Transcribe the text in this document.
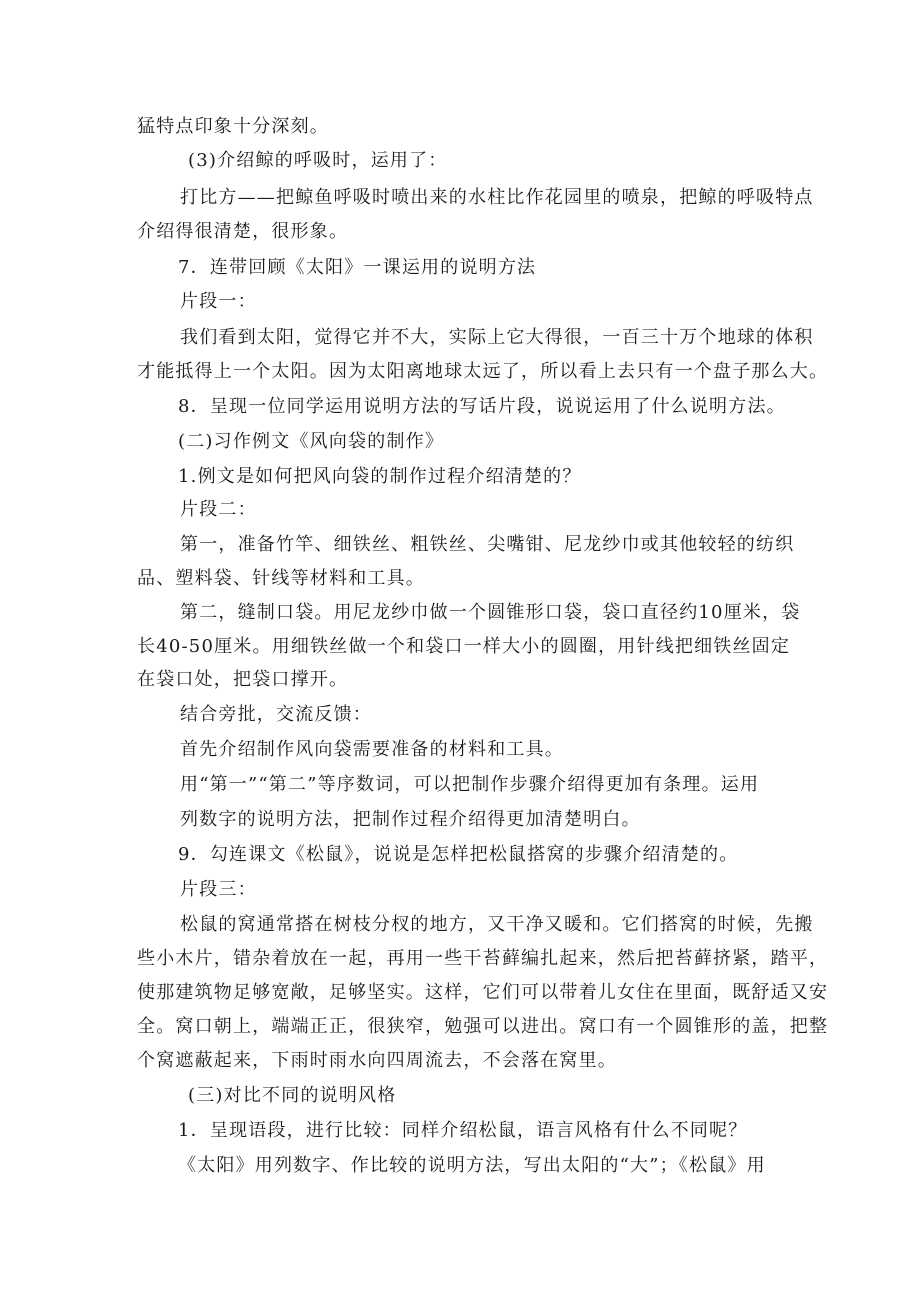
猛特点印象十分深刻。
(3)介绍鲸的呼吸时，运用了：
打比方——把鲸鱼呼吸时喷出来的水柱比作花园里的喷泉，把鲸的呼吸特点
介绍得很清楚，很形象。
7．连带回顾《太阳》一课运用的说明方法
片段一：
我们看到太阳，觉得它并不大，实际上它大得很，一百三十万个地球的体积
才能抵得上一个太阳。因为太阳离地球太远了，所以看上去只有一个盘子那么大。
8．呈现一位同学运用说明方法的写话片段，说说运用了什么说明方法。
(二)习作例文《风向袋的制作》
1.例文是如何把风向袋的制作过程介绍清楚的？
片段二：
第一，准备竹竿、细铁丝、粗铁丝、尖嘴钳、尼龙纱巾或其他较轻的纺织
品、塑料袋、针线等材料和工具。
第二，缝制口袋。用尼龙纱巾做一个圆锥形口袋，袋口直径约10厘米，袋
长40-50厘米。用细铁丝做一个和袋口一样大小的圆圈，用针线把细铁丝固定
在袋口处，把袋口撑开。
结合旁批，交流反馈：
首先介绍制作风向袋需要准备的材料和工具。
用“第一”“第二”等序数词，可以把制作步骤介绍得更加有条理。运用
列数字的说明方法，把制作过程介绍得更加清楚明白。
9．勾连课文《松鼠》，说说是怎样把松鼠搭窝的步骤介绍清楚的。
片段三：
松鼠的窝通常搭在树枝分杈的地方，又干净又暖和。它们搭窝的时候，先搬
些小木片，错杂着放在一起，再用一些干苔藓编扎起来，然后把苔藓挤紧，踏平，
使那建筑物足够宽敞，足够坚实。这样，它们可以带着儿女住在里面，既舒适又安
全。窝口朝上，端端正正，很狭窄，勉强可以进出。窝口有一个圆锥形的盖，把整
个窝遮蔽起来，下雨时雨水向四周流去，不会落在窝里。
(三)对比不同的说明风格
1．呈现语段，进行比较：同样介绍松鼠，语言风格有什么不同呢？
《太阳》用列数字、作比较的说明方法，写出太阳的“大”；《松鼠》用
